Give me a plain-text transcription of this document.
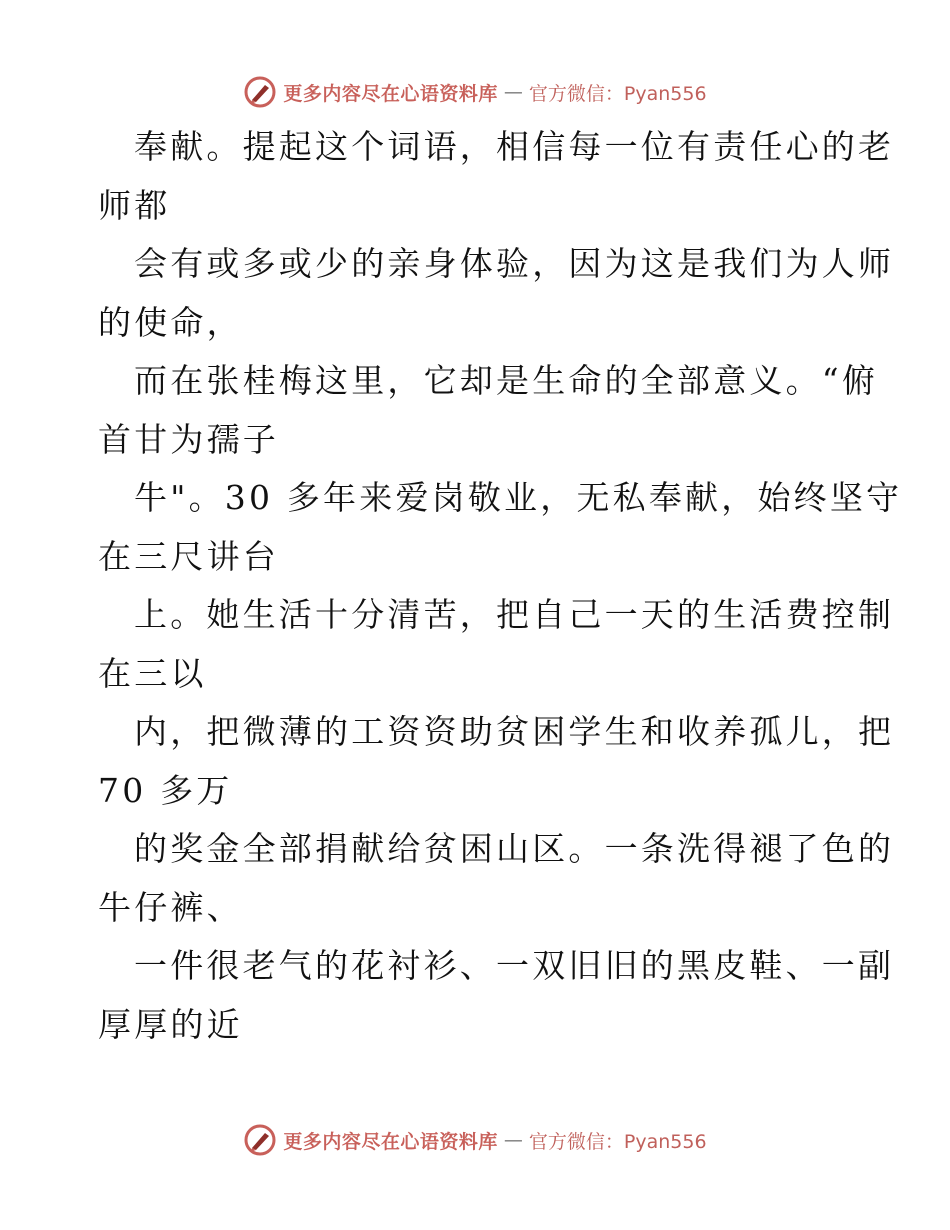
更多内容尽在心语资料库 — 官方微信：Pyan556
奉献。提起这个词语，相信每一位有责任心的老
师都
会有或多或少的亲身体验，因为这是我们为人师
的使命，
而在张桂梅这里，它却是生命的全部意义。“俯
首甘为孺子
牛"。30 多年来爱岗敬业，无私奉献，始终坚守
在三尺讲台
上。她生活十分清苦，把自己一天的生活费控制
在三以
内，把微薄的工资资助贫困学生和收养孤儿，把
70 多万
的奖金全部捐献给贫困山区。一条洗得褪了色的
牛仔裤、
一件很老气的花衬衫、一双旧旧的黑皮鞋、一副
厚厚的近
更多内容尽在心语资料库 — 官方微信：Pyan556
